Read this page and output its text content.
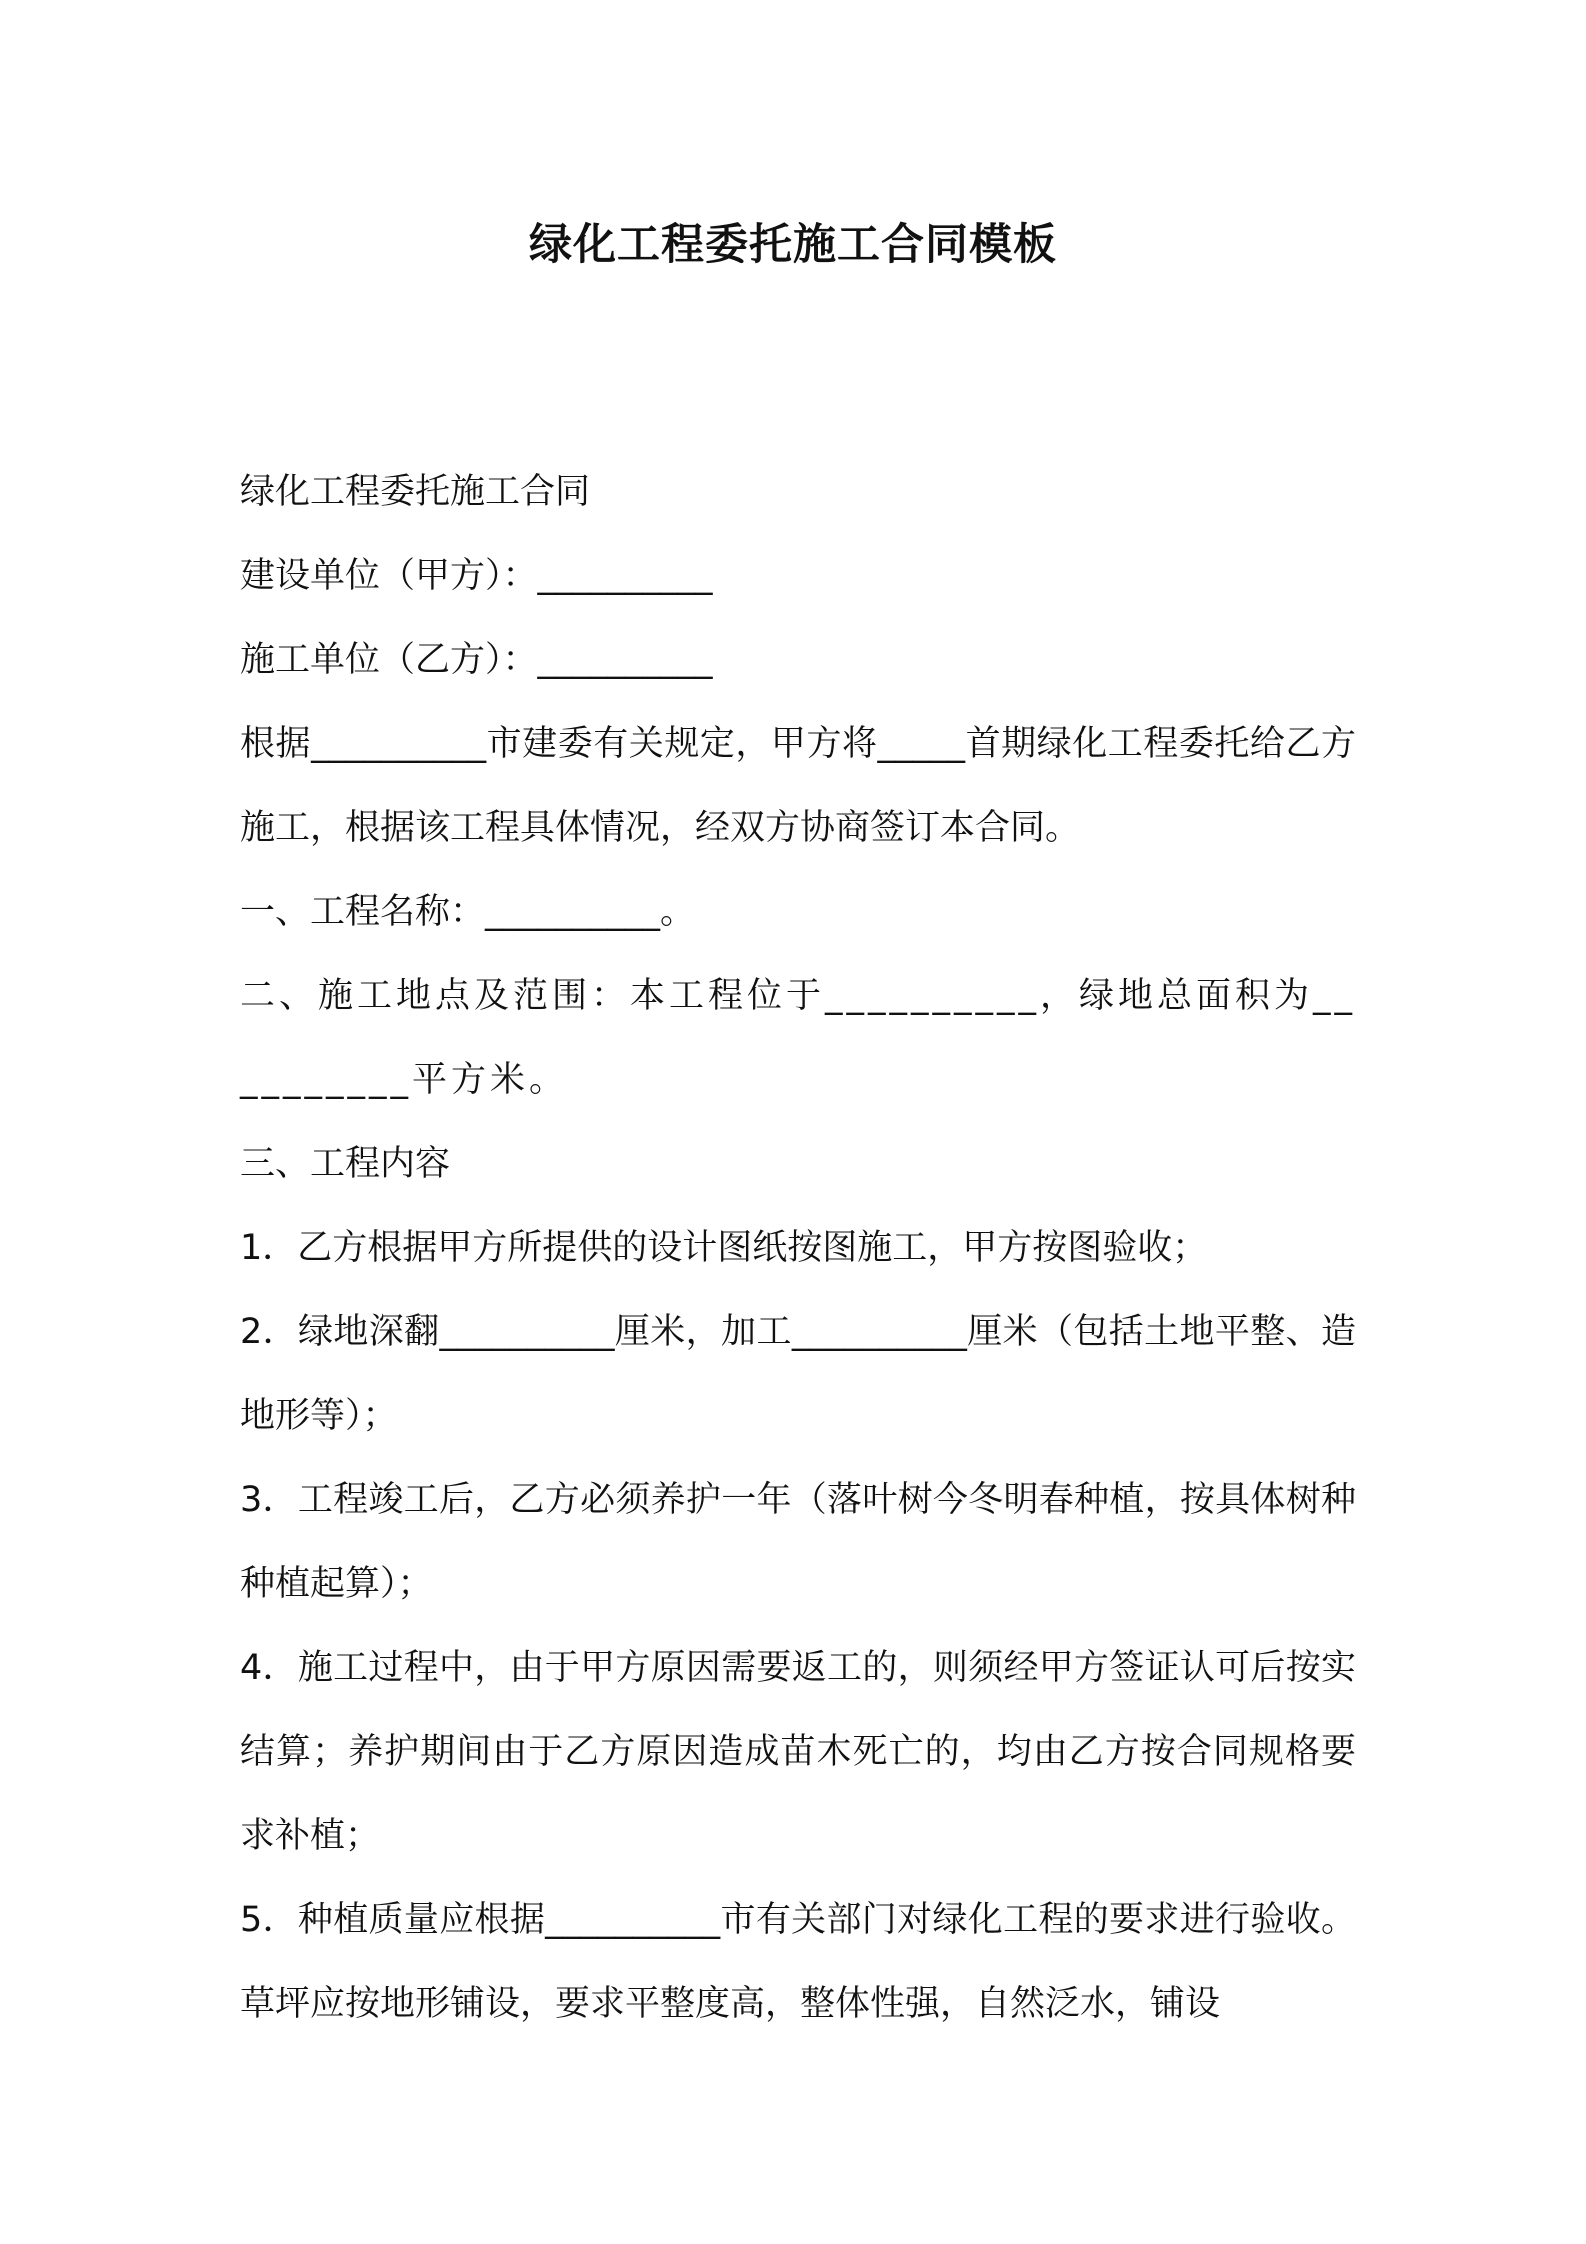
绿化工程委托施工合同模板

绿化工程委托施工合同

建设单位（甲方）：__________

施工单位（乙方）：__________

根据__________市建委有关规定，甲方将_____首期绿化工程委托给乙方施工，根据该工程具体情况，经双方协商签订本合同。

一、工程名称：__________。

二、施工地点及范围：本工程位于__________，绿地总面积为__________平方米。

三、工程内容

1．乙方根据甲方所提供的设计图纸按图施工，甲方按图验收；

2．绿地深翻__________厘米，加工__________厘米（包括土地平整、造地形等）；

3．工程竣工后，乙方必须养护一年（落叶树今冬明春种植，按具体树种种植起算）；

4．施工过程中，由于甲方原因需要返工的，则须经甲方签证认可后按实结算；养护期间由于乙方原因造成苗木死亡的，均由乙方按合同规格要求补植；

5．种植质量应根据__________市有关部门对绿化工程的要求进行验收。草坪应按地形铺设，要求平整度高，整体性强，自然泛水，铺设
